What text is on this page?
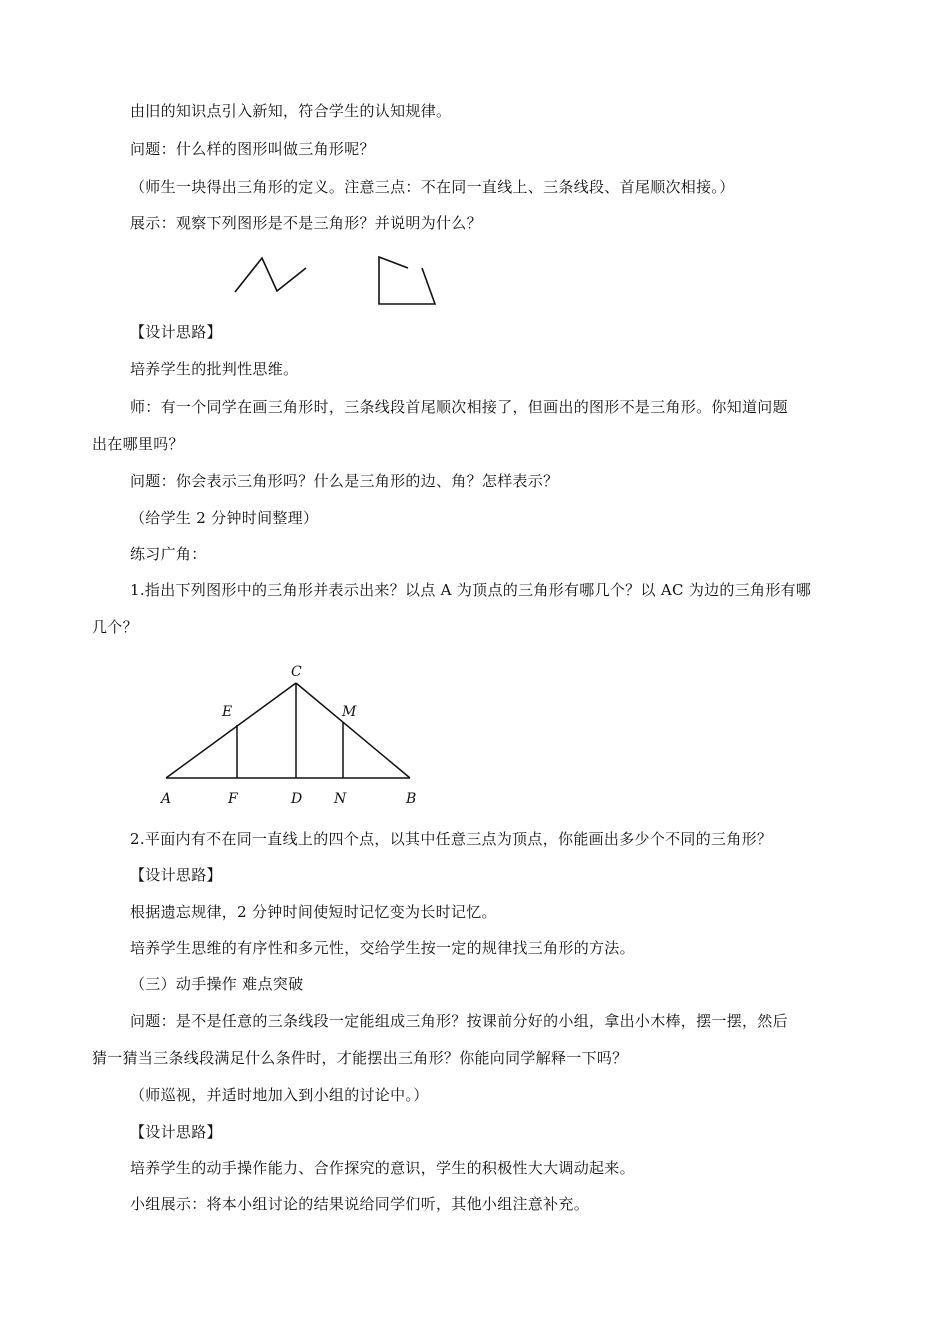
由旧的知识点引入新知，符合学生的认知规律。
问题：什么样的图形叫做三角形呢？
（师生一块得出三角形的定义。注意三点：不在同一直线上、三条线段、首尾顺次相接。）
展示：观察下列图形是不是三角形？并说明为什么？
【设计思路】
培养学生的批判性思维。
师：有一个同学在画三角形时，三条线段首尾顺次相接了，但画出的图形不是三角形。你知道问题
出在哪里吗？
问题：你会表示三角形吗？什么是三角形的边、角？怎样表示？
（给学生 2 分钟时间整理）
练习广角：
1.指出下列图形中的三角形并表示出来？以点 A 为顶点的三角形有哪几个？以 AC 为边的三角形有哪
几个？
C
E	M
A	F	D N	B
2.平面内有不在同一直线上的四个点，以其中任意三点为顶点，你能画出多少个不同的三角形？
【设计思路】
根据遗忘规律，2 分钟时间使短时记忆变为长时记忆。
培养学生思维的有序性和多元性，交给学生按一定的规律找三角形的方法。
（三）动手操作 难点突破
问题：是不是任意的三条线段一定能组成三角形？按课前分好的小组，拿出小木棒，摆一摆，然后
猜一猜当三条线段满足什么条件时，才能摆出三角形？你能向同学解释一下吗？
（师巡视，并适时地加入到小组的讨论中。）
【设计思路】
培养学生的动手操作能力、合作探究的意识，学生的积极性大大调动起来。
小组展示：将本小组讨论的结果说给同学们听，其他小组注意补充。
